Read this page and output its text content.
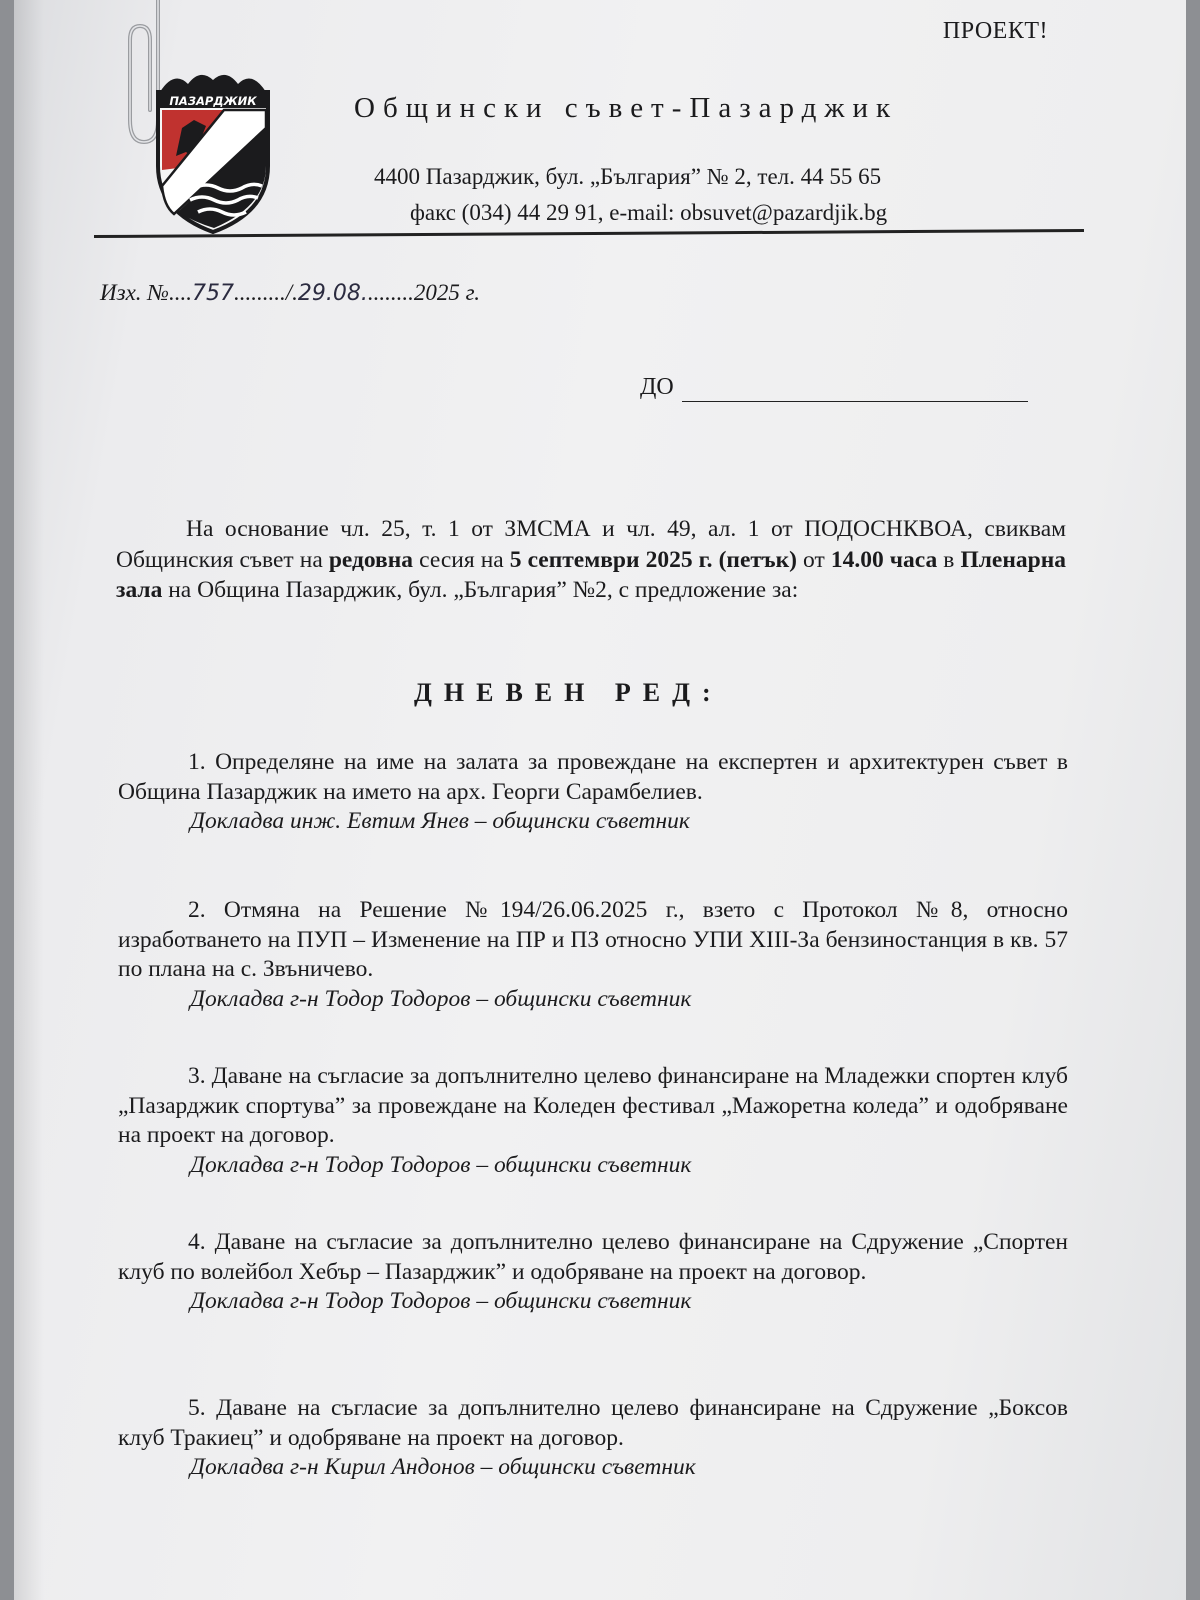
ПРОЕКТ!
ПАЗАРДЖИК	Общински съвет-Пазарджик
4400 Пазарджик, бул. „България” № 2, тел. 44 55 65
факс (034) 44 29 91, e-mail: obsuvet@pazardjik.bg
Изх. №....757........./.29.08.........2025 г.
ДО

На основание чл. 25, т. 1 от ЗМСМА и чл. 49, ал. 1 от ПОДОСНКВОА, свиквам Общинския съвет на редовна сесия на 5 септември 2025 г. (петък) от 14.00 часа в Пленарна зала на Община Пазарджик, бул. „България” №2, с предложение за:

ДНЕВЕН РЕД:

1. Определяне на име на залата за провеждане на експертен и архитектурен съвет в Община Пазарджик на името на арх. Георги Сарамбелиев.

Докладва инж. Евтим Янев – общински съветник

2. Отмяна на Решение №194/26.06.2025 г., взето с Протокол №8, относно изработването на ПУП – Изменение на ПР и ПЗ относно УПИ XIII-За бензиностанция в кв. 57 по плана на с. Звъничево.

Докладва г-н Тодор Тодоров – общински съветник

3. Даване на съгласие за допълнително целево финансиране на Младежки спортен клуб „Пазарджик спортува” за провеждане на Коледен фестивал „Мажоретна коледа” и одобряване на проект на договор.

Докладва г-н Тодор Тодоров – общински съветник

4. Даване на съгласие за допълнително целево финансиране на Сдружение „Спортен клуб по волейбол Хебър – Пазарджик” и одобряване на проект на договор.

Докладва г-н Тодор Тодоров – общински съветник

5. Даване на съгласие за допълнително целево финансиране на Сдружение „Боксов клуб Тракиец” и одобряване на проект на договор.

Докладва г-н Кирил Андонов – общински съветник
